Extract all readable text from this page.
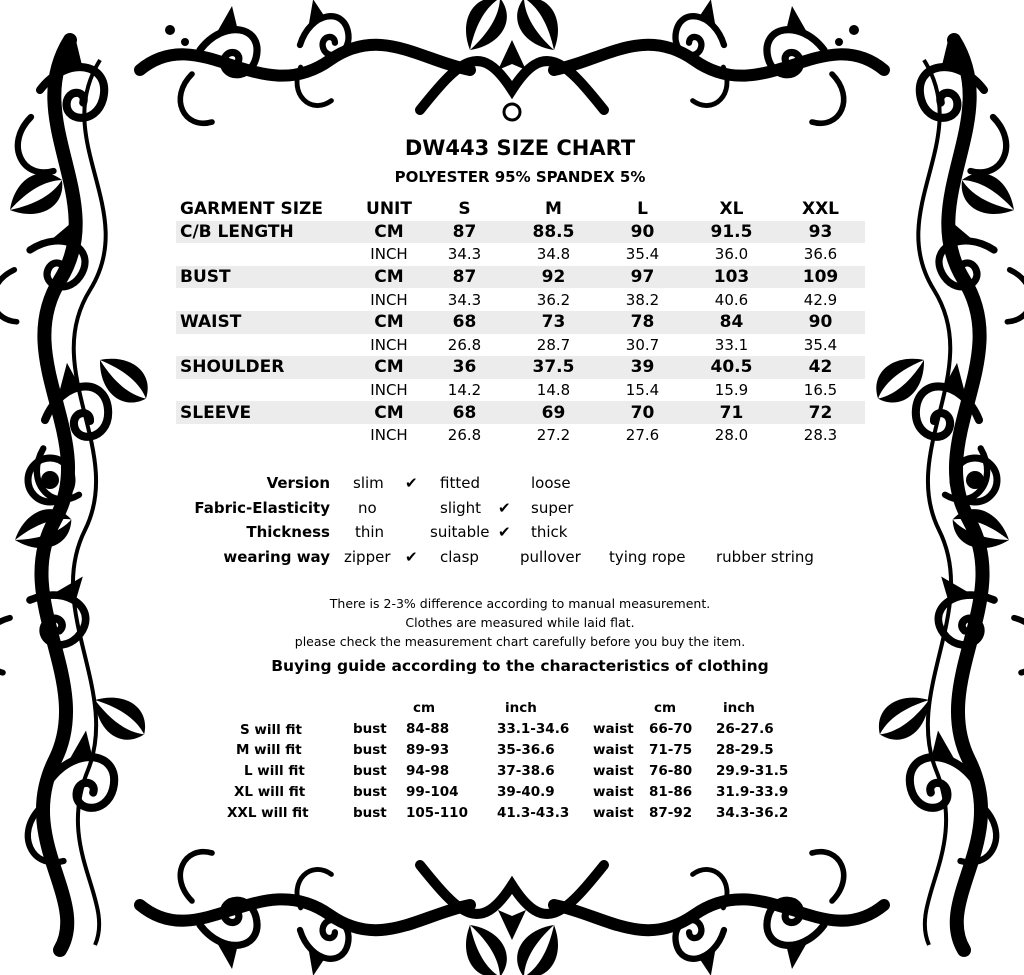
DW443 SIZE CHART
POLYESTER 95% SPANDEX 5%
GARMENT SIZE	UNIT	S	M	L	XL	XXL
C/B LENGTH	CM	87	88.5	90	91.5	93
	INCH	34.3	34.8	35.4	36.0	36.6
BUST	CM	87	92	97	103	109
	INCH	34.3	36.2	38.2	40.6	42.9
WAIST	CM	68	73	78	84	90
	INCH	26.8	28.7	30.7	33.1	35.4
SHOULDER	CM	36	37.5	39	40.5	42
	INCH	14.2	14.8	15.4	15.9	16.5
SLEEVE	CM	68	69	70	71	72
	INCH	26.8	27.2	27.6	28.0	28.3
Version slim ✔ fitted	loose
Fabric-Elasticity no	slight ✔ super
Thickness thin	suitable ✔ thick
wearing way zipper ✔ clasp	pullover tying rope rubber string
There is 2-3% difference according to manual measurement.
Clothes are measured while laid flat.
please check the measurement chart carefully before you buy the item.
Buying guide according to the characteristics of clothing
cm	inch	cm	inch
S will fit	bust 84-88	33.1-34.6 waist 66-70 26-27.6
M will fit	bust 89-93	35-36.6	waist 71-75 28-29.5
L will fit	bust 94-98	37-38.6	waist 76-80 29.9-31.5
XL will fit	bust 99-104	39-40.9	waist 81-86 31.9-33.9
XXL will fit	bust 105-110 41.3-43.3 waist 87-92 34.3-36.2
